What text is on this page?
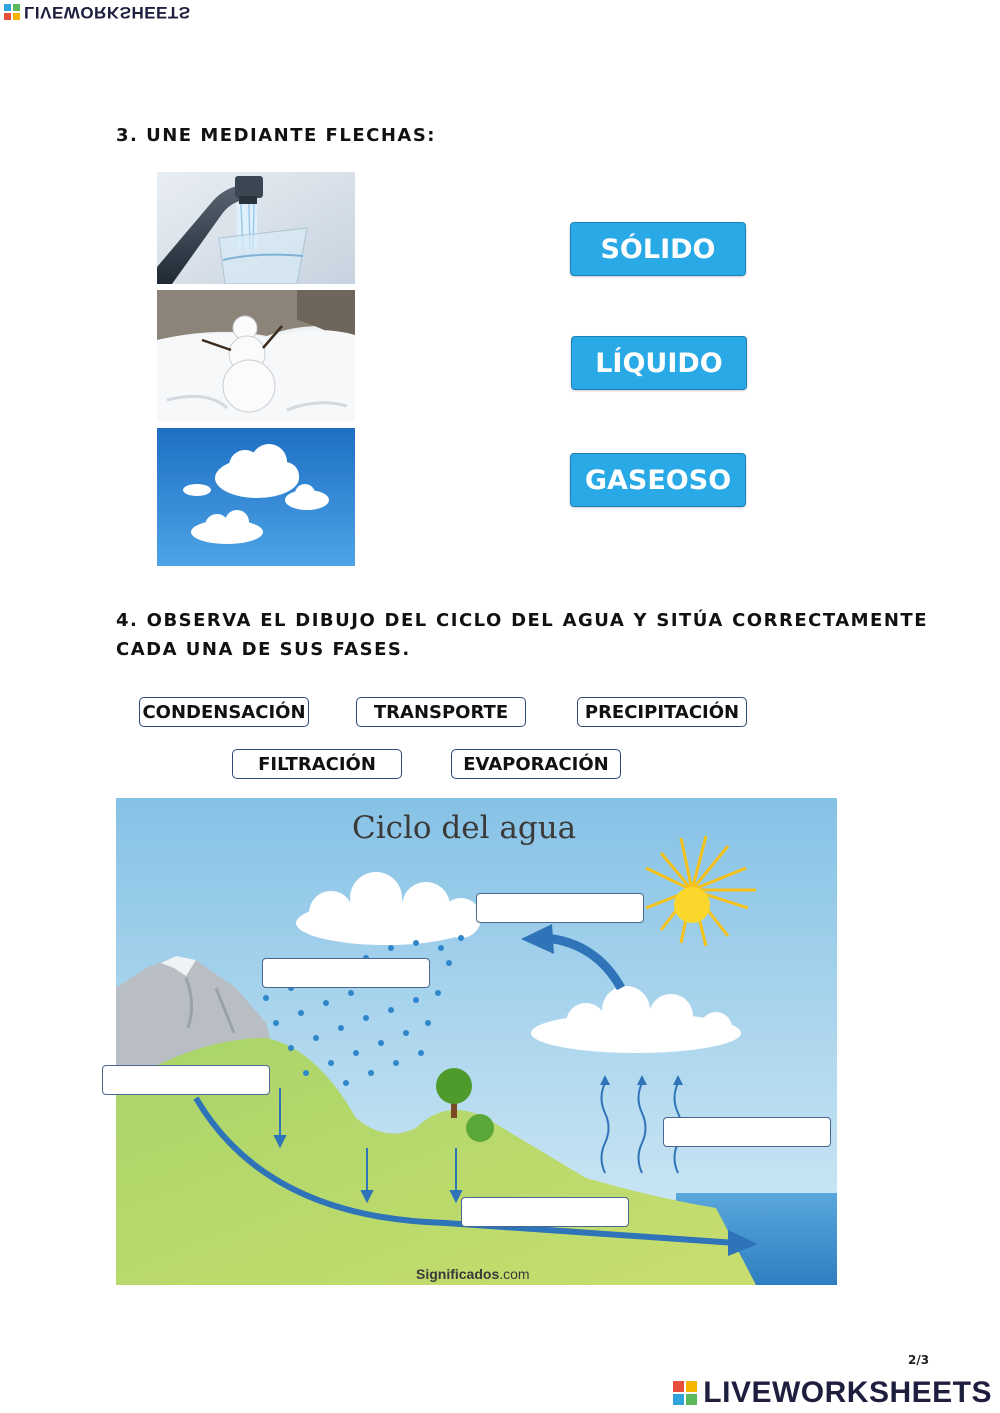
LIVEWORKSHEETS
3. UNE MEDIANTE FLECHAS:
SÓLIDO
LÍQUIDO
GASEOSO
4. OBSERVA EL DIBUJO DEL CICLO DEL AGUA Y SITÚA CORRECTAMENTE CADA UNA DE SUS FASES.
CONDENSACIÓN	TRANSPORTE	PRECIPITACIÓN
FILTRACIÓN	EVAPORACIÓN
Ciclo del agua
Significados.com
2/3
LIVEWORKSHEETS
